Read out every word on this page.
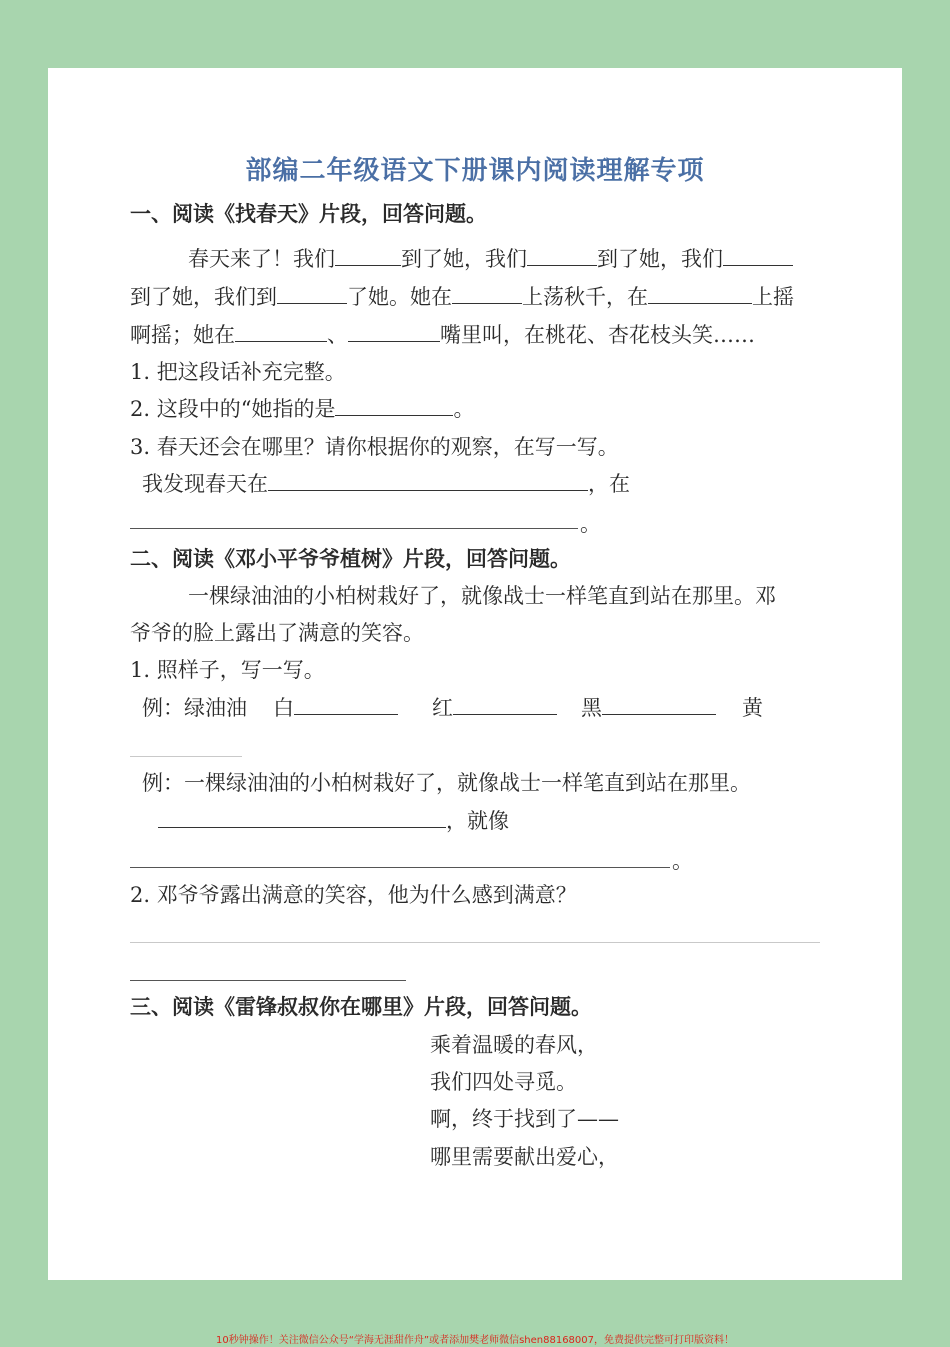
部编二年级语文下册课内阅读理解专项
一、阅读《找春天》片段，回答问题。
春天来了！我们	到了她，我们	到了她，我们
到了她，我们到	了她。她在	上荡秋千，在	上摇
啊摇；她在	、	嘴里叫，在桃花、杏花枝头笑……
1. 把这段话补充完整。
2. 这段中的“她指的是	。
3. 春天还会在哪里？请你根据你的观察，在写一写。
我发现春天在	，在
。
二、阅读《邓小平爷爷植树》片段，回答问题。
一棵绿油油的小柏树栽好了，就像战士一样笔直到站在那里。邓
爷爷的脸上露出了满意的笑容。
1. 照样子，写一写。
例：绿油油 白	红	黑	黄
例：一棵绿油油的小柏树栽好了，就像战士一样笔直到站在那里。
，就像
。
2. 邓爷爷露出满意的笑容，他为什么感到满意？
三、阅读《雷锋叔叔你在哪里》片段，回答问题。
乘着温暖的春风，
我们四处寻觅。
啊，终于找到了——
哪里需要献出爱心，
10秒钟操作！关注微信公众号“学海无涯甜作舟”或者添加樊老师微信shen88168007，免费提供完整可打印版资料！
